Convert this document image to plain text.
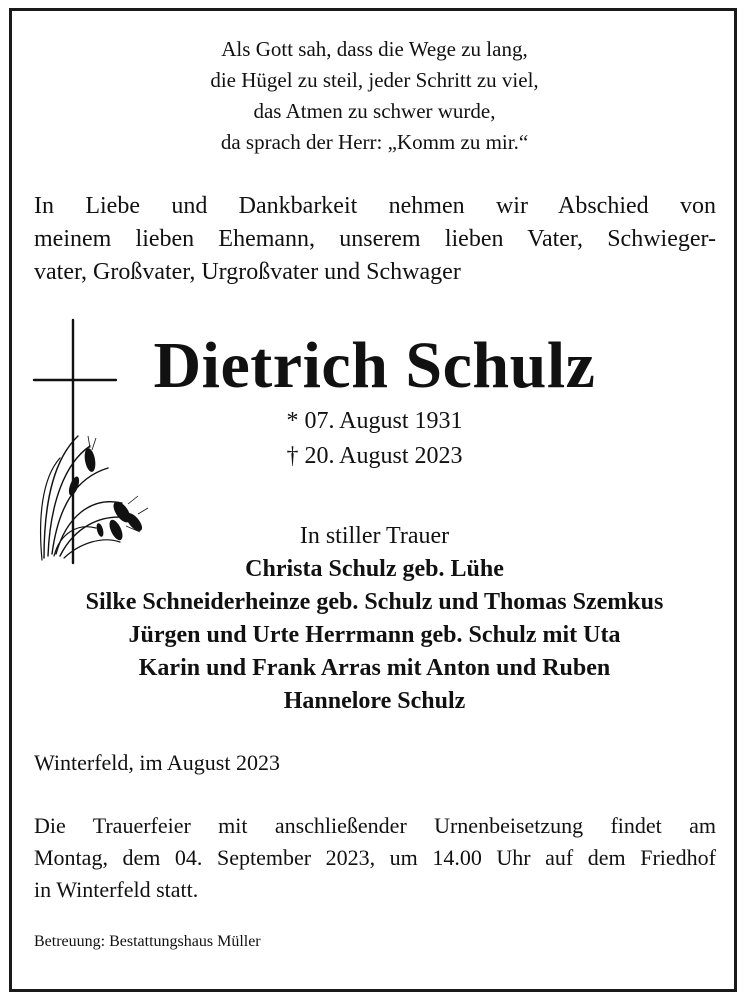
Als Gott sah, dass die Wege zu lang,
die Hügel zu steil, jeder Schritt zu viel,
das Atmen zu schwer wurde,
da sprach der Herr: „Komm zu mir.“
In Liebe und Dankbarkeit nehmen wir Abschied von
meinem lieben Ehemann, unserem lieben Vater, Schwieger-
vater, Großvater, Urgroßvater und Schwager
Dietrich Schulz
* 07. August 1931
† 20. August 2023
In stiller Trauer
Christa Schulz geb. Lühe
Silke Schneiderheinze geb. Schulz und Thomas Szemkus
Jürgen und Urte Herrmann geb. Schulz mit Uta
Karin und Frank Arras mit Anton und Ruben
Hannelore Schulz
Winterfeld, im August 2023
Die Trauerfeier mit anschließender Urnenbeisetzung findet am
Montag, dem 04. September 2023, um 14.00 Uhr auf dem Friedhof
in Winterfeld statt.
Betreuung: Bestattungshaus Müller
